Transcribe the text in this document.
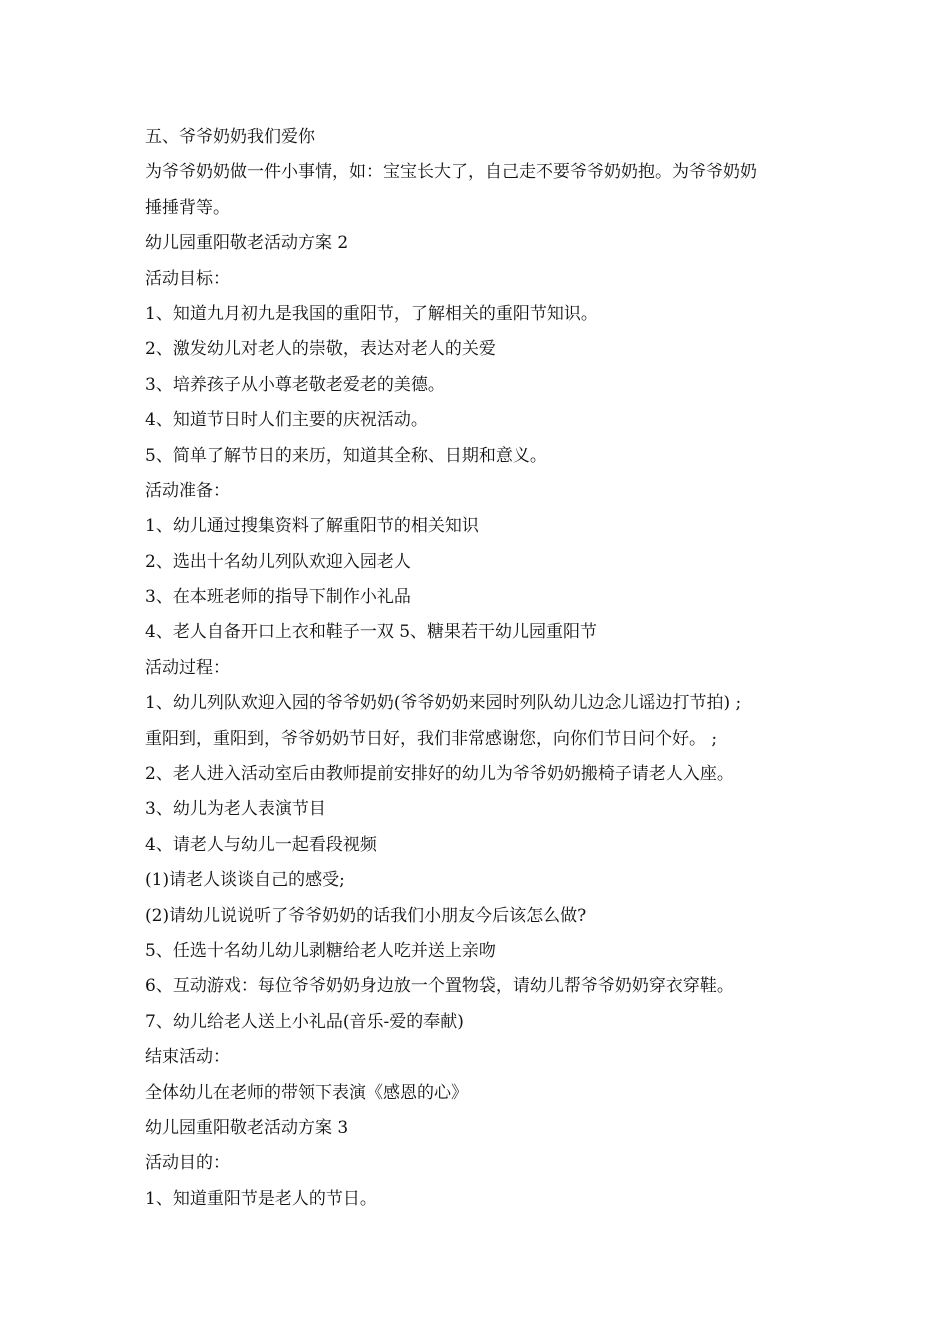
五、爷爷奶奶我们爱你
为爷爷奶奶做一件小事情，如：宝宝长大了，自己走不要爷爷奶奶抱。为爷爷奶奶
捶捶背等。
幼儿园重阳敬老活动方案 2
活动目标：
1、知道九月初九是我国的重阳节，了解相关的重阳节知识。
2、激发幼儿对老人的崇敬，表达对老人的关爱
3、培养孩子从小尊老敬老爱老的美德。
4、知道节日时人们主要的庆祝活动。
5、简单了解节日的来历，知道其全称、日期和意义。
活动准备：
1、幼儿通过搜集资料了解重阳节的相关知识
2、选出十名幼儿列队欢迎入园老人
3、在本班老师的指导下制作小礼品
4、老人自备开口上衣和鞋子一双 5、糖果若干幼儿园重阳节
活动过程：
1、幼儿列队欢迎入园的爷爷奶奶(爷爷奶奶来园时列队幼儿边念儿谣边打节拍) ;
重阳到，重阳到，爷爷奶奶节日好，我们非常感谢您，向你们节日问个好。 ;
2、老人进入活动室后由教师提前安排好的幼儿为爷爷奶奶搬椅子请老人入座。
3、幼儿为老人表演节目
4、请老人与幼儿一起看段视频
(1)请老人谈谈自己的感受;
(2)请幼儿说说听了爷爷奶奶的话我们小朋友今后该怎么做?
5、任选十名幼儿幼儿剥糖给老人吃并送上亲吻
6、互动游戏：每位爷爷奶奶身边放一个置物袋，请幼儿帮爷爷奶奶穿衣穿鞋。
7、幼儿给老人送上小礼品(音乐-爱的奉献)
结束活动：
全体幼儿在老师的带领下表演《感恩的心》
幼儿园重阳敬老活动方案 3
活动目的：
1、知道重阳节是老人的节日。
